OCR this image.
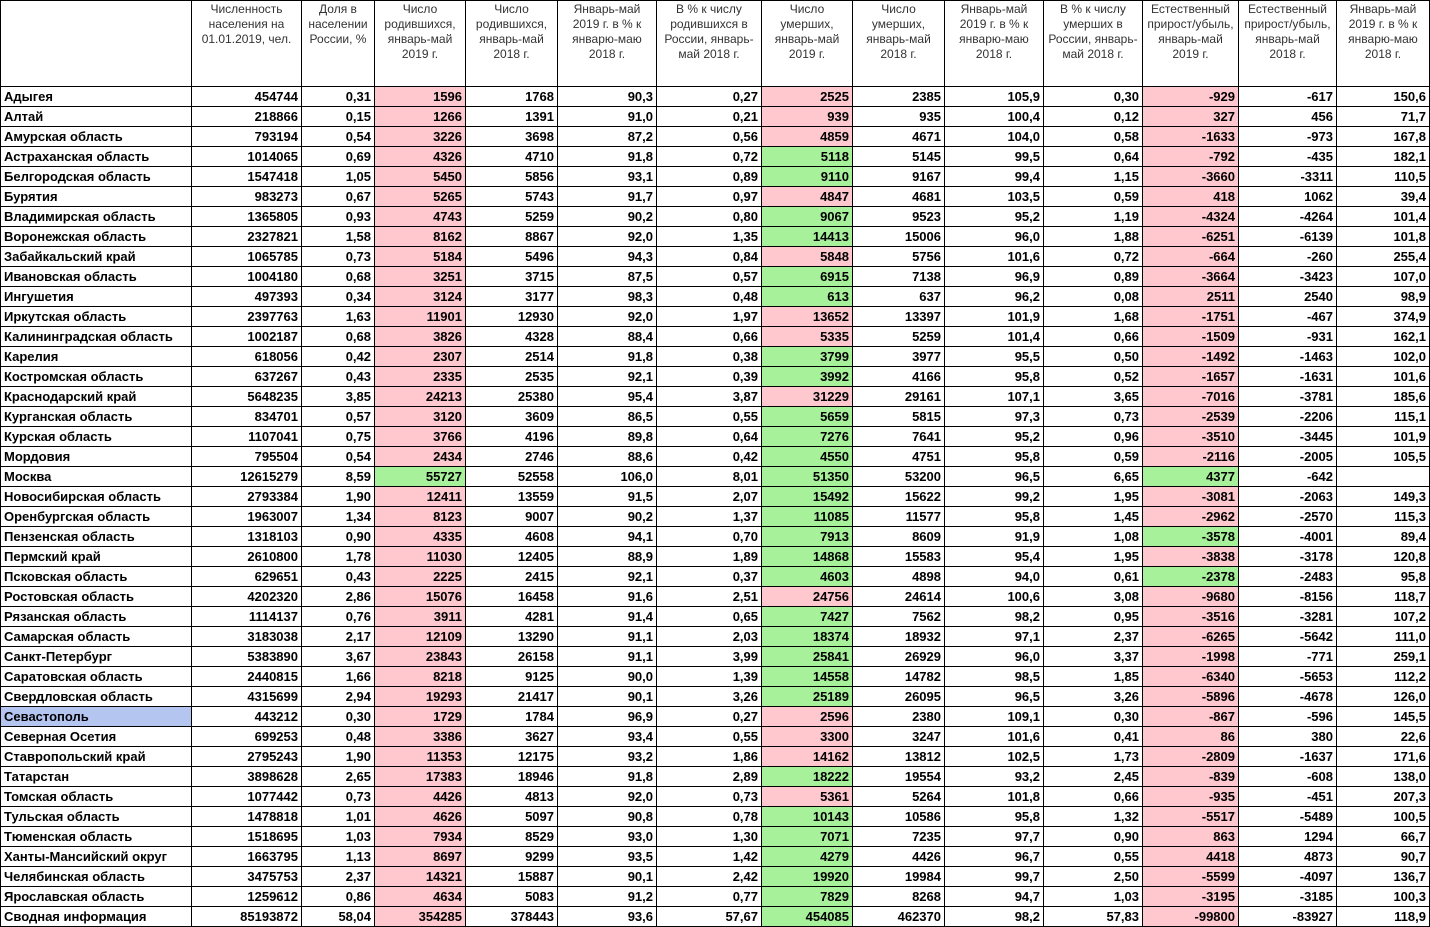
	Численность населения на 01.01.2019, чел.	Доля в населении России, %	Число родившихся, январь-май 2019 г.	Число родившихся, январь-май 2018 г.	Январь-май 2019 г. в % к январю-маю 2018 г.	В % к числу родившихся в России, январь-май 2018 г.	Число умерших, январь-май 2019 г.	Число умерших, январь-май 2018 г.	Январь-май 2019 г. в % к январю-маю 2018 г.	В % к числу умерших в России, январь-май 2018 г.	Естественный прирост/убыль, январь-май 2019 г.	Естественный прирост/убыль, январь-май 2018 г.	Январь-май 2019 г. в % к январю-маю 2018 г.
Адыгея	454744	0,31	1596	1768	90,3	0,27	2525	2385	105,9	0,30	-929	-617	150,6
Алтай	218866	0,15	1266	1391	91,0	0,21	939	935	100,4	0,12	327	456	71,7
Амурская область	793194	0,54	3226	3698	87,2	0,56	4859	4671	104,0	0,58	-1633	-973	167,8
Астраханская область	1014065	0,69	4326	4710	91,8	0,72	5118	5145	99,5	0,64	-792	-435	182,1
Белгородская область	1547418	1,05	5450	5856	93,1	0,89	9110	9167	99,4	1,15	-3660	-3311	110,5
Бурятия	983273	0,67	5265	5743	91,7	0,97	4847	4681	103,5	0,59	418	1062	39,4
Владимирская область	1365805	0,93	4743	5259	90,2	0,80	9067	9523	95,2	1,19	-4324	-4264	101,4
Воронежская область	2327821	1,58	8162	8867	92,0	1,35	14413	15006	96,0	1,88	-6251	-6139	101,8
Забайкальский край	1065785	0,73	5184	5496	94,3	0,84	5848	5756	101,6	0,72	-664	-260	255,4
Ивановская область	1004180	0,68	3251	3715	87,5	0,57	6915	7138	96,9	0,89	-3664	-3423	107,0
Ингушетия	497393	0,34	3124	3177	98,3	0,48	613	637	96,2	0,08	2511	2540	98,9
Иркутская область	2397763	1,63	11901	12930	92,0	1,97	13652	13397	101,9	1,68	-1751	-467	374,9
Калининградская область	1002187	0,68	3826	4328	88,4	0,66	5335	5259	101,4	0,66	-1509	-931	162,1
Карелия	618056	0,42	2307	2514	91,8	0,38	3799	3977	95,5	0,50	-1492	-1463	102,0
Костромская область	637267	0,43	2335	2535	92,1	0,39	3992	4166	95,8	0,52	-1657	-1631	101,6
Краснодарский край	5648235	3,85	24213	25380	95,4	3,87	31229	29161	107,1	3,65	-7016	-3781	185,6
Курганская область	834701	0,57	3120	3609	86,5	0,55	5659	5815	97,3	0,73	-2539	-2206	115,1
Курская область	1107041	0,75	3766	4196	89,8	0,64	7276	7641	95,2	0,96	-3510	-3445	101,9
Мордовия	795504	0,54	2434	2746	88,6	0,42	4550	4751	95,8	0,59	-2116	-2005	105,5
Москва	12615279	8,59	55727	52558	106,0	8,01	51350	53200	96,5	6,65	4377	-642	
Новосибирская область	2793384	1,90	12411	13559	91,5	2,07	15492	15622	99,2	1,95	-3081	-2063	149,3
Оренбургская область	1963007	1,34	8123	9007	90,2	1,37	11085	11577	95,8	1,45	-2962	-2570	115,3
Пензенская область	1318103	0,90	4335	4608	94,1	0,70	7913	8609	91,9	1,08	-3578	-4001	89,4
Пермский край	2610800	1,78	11030	12405	88,9	1,89	14868	15583	95,4	1,95	-3838	-3178	120,8
Псковская область	629651	0,43	2225	2415	92,1	0,37	4603	4898	94,0	0,61	-2378	-2483	95,8
Ростовская область	4202320	2,86	15076	16458	91,6	2,51	24756	24614	100,6	3,08	-9680	-8156	118,7
Рязанская область	1114137	0,76	3911	4281	91,4	0,65	7427	7562	98,2	0,95	-3516	-3281	107,2
Самарская область	3183038	2,17	12109	13290	91,1	2,03	18374	18932	97,1	2,37	-6265	-5642	111,0
Санкт-Петербург	5383890	3,67	23843	26158	91,1	3,99	25841	26929	96,0	3,37	-1998	-771	259,1
Саратовская область	2440815	1,66	8218	9125	90,0	1,39	14558	14782	98,5	1,85	-6340	-5653	112,2
Свердловская область	4315699	2,94	19293	21417	90,1	3,26	25189	26095	96,5	3,26	-5896	-4678	126,0
Севастополь	443212	0,30	1729	1784	96,9	0,27	2596	2380	109,1	0,30	-867	-596	145,5
Северная Осетия	699253	0,48	3386	3627	93,4	0,55	3300	3247	101,6	0,41	86	380	22,6
Ставропольский край	2795243	1,90	11353	12175	93,2	1,86	14162	13812	102,5	1,73	-2809	-1637	171,6
Татарстан	3898628	2,65	17383	18946	91,8	2,89	18222	19554	93,2	2,45	-839	-608	138,0
Томская область	1077442	0,73	4426	4813	92,0	0,73	5361	5264	101,8	0,66	-935	-451	207,3
Тульская область	1478818	1,01	4626	5097	90,8	0,78	10143	10586	95,8	1,32	-5517	-5489	100,5
Тюменская область	1518695	1,03	7934	8529	93,0	1,30	7071	7235	97,7	0,90	863	1294	66,7
Ханты-Мансийский округ	1663795	1,13	8697	9299	93,5	1,42	4279	4426	96,7	0,55	4418	4873	90,7
Челябинская область	3475753	2,37	14321	15887	90,1	2,42	19920	19984	99,7	2,50	-5599	-4097	136,7
Ярославская область	1259612	0,86	4634	5083	91,2	0,77	7829	8268	94,7	1,03	-3195	-3185	100,3
Сводная информация	85193872	58,04	354285	378443	93,6	57,67	454085	462370	98,2	57,83	-99800	-83927	118,9
